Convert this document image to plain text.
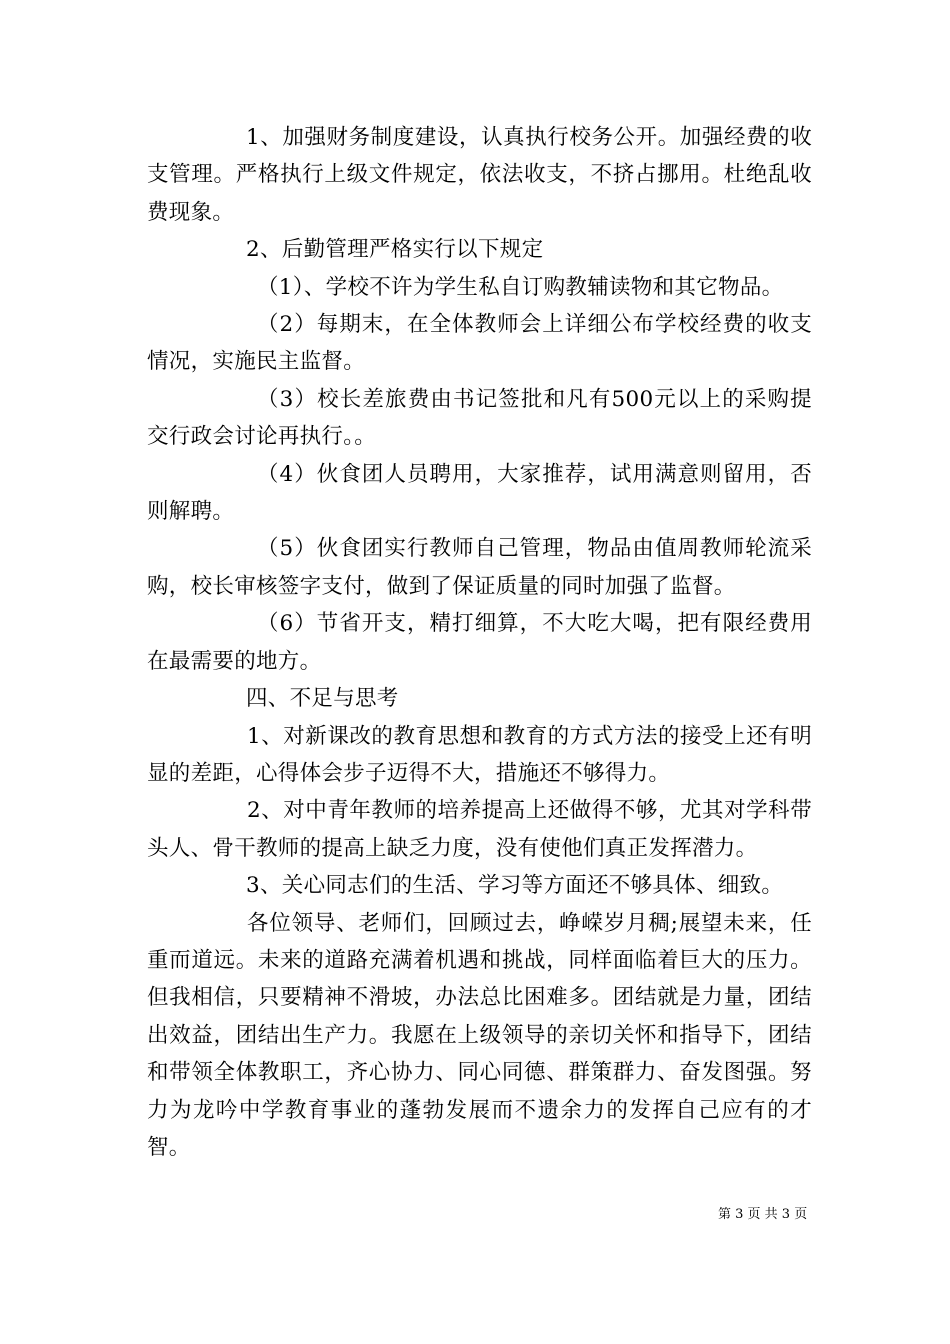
1、加强财务制度建设，认真执行校务公开。加强经费的收支管理。严格执行上级文件规定，依法收支，不挤占挪用。杜绝乱收费现象。

2、后勤管理严格实行以下规定

（1）、学校不许为学生私自订购教辅读物和其它物品。

（2）每期末，在全体教师会上详细公布学校经费的收支情况，实施民主监督。

（3）校长差旅费由书记签批和凡有500元以上的采购提交行政会讨论再执行。。

（4）伙食团人员聘用，大家推荐，试用满意则留用，否则解聘。

（5）伙食团实行教师自己管理，物品由值周教师轮流采购，校长审核签字支付，做到了保证质量的同时加强了监督。

（6）节省开支，精打细算，不大吃大喝，把有限经费用在最需要的地方。

四、不足与思考

1、对新课改的教育思想和教育的方式方法的接受上还有明显的差距，心得体会步子迈得不大，措施还不够得力。

2、对中青年教师的培养提高上还做得不够，尤其对学科带头人、骨干教师的提高上缺乏力度，没有使他们真正发挥潜力。

3、关心同志们的生活、学习等方面还不够具体、细致。

各位领导、老师们，回顾过去，峥嵘岁月稠;展望未来，任重而道远。未来的道路充满着机遇和挑战，同样面临着巨大的压力。但我相信，只要精神不滑坡，办法总比困难多。团结就是力量，团结出效益，团结出生产力。我愿在上级领导的亲切关怀和指导下，团结和带领全体教职工，齐心协力、同心同德、群策群力、奋发图强。努力为龙吟中学教育事业的蓬勃发展而不遗余力的发挥自己应有的才智。

第 3 页 共 3 页
